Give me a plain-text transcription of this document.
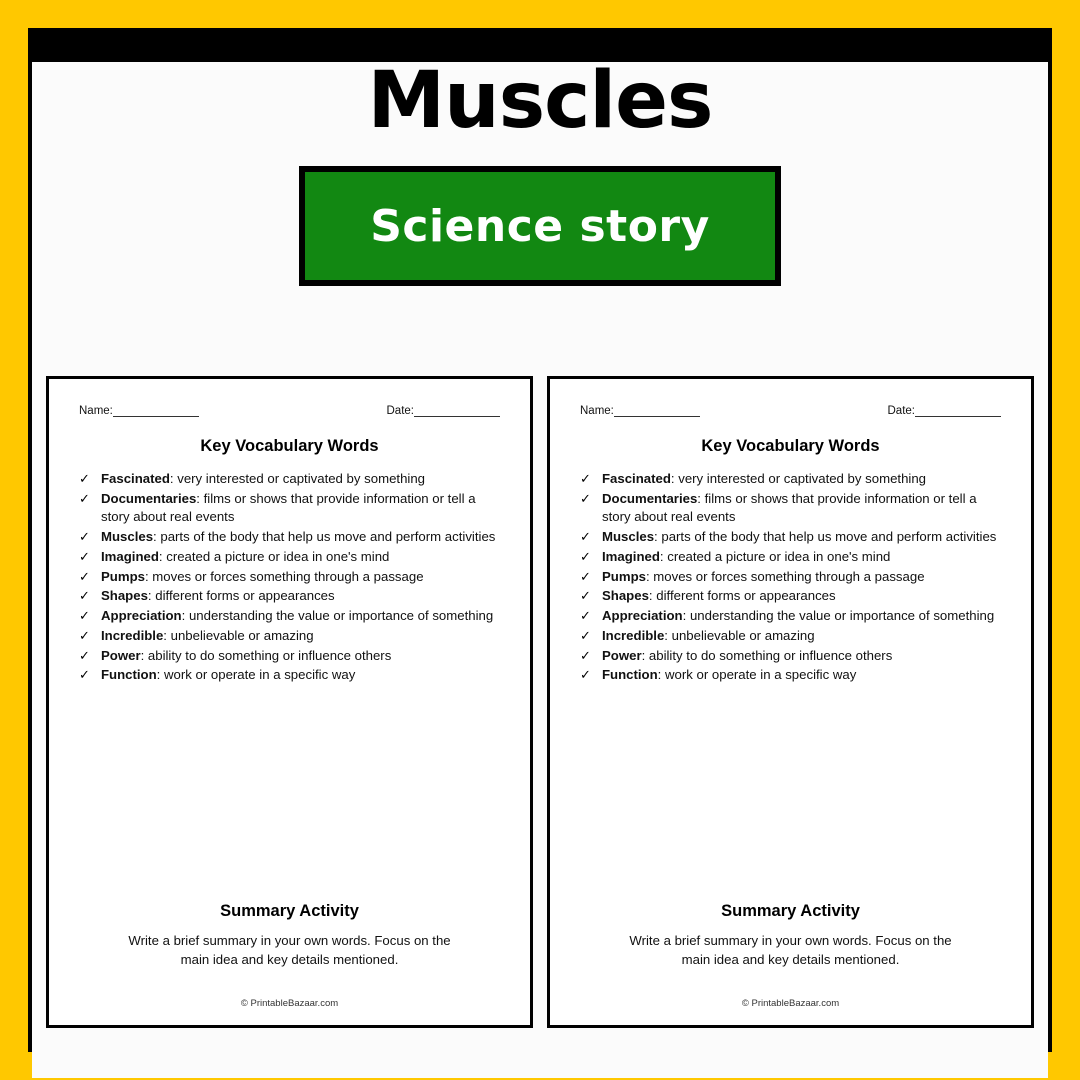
Muscles
Science story
Name:	Date:
Key Vocabulary Words
✓ Fascinated: very interested or captivated by something
✓ Documentaries: films or shows that provide information or tell a story about real events
✓ Muscles: parts of the body that help us move and perform activities
✓ Imagined: created a picture or idea in one's mind
✓ Pumps: moves or forces something through a passage
✓ Shapes: different forms or appearances
✓ Appreciation: understanding the value or importance of something
✓ Incredible: unbelievable or amazing
✓ Power: ability to do something or influence others
✓ Function: work or operate in a specific way
Summary Activity
Write a brief summary in your own words. Focus on the main idea and key details mentioned.
© PrintableBazaar.com
Name:	Date:
Key Vocabulary Words
✓ Fascinated: very interested or captivated by something
✓ Documentaries: films or shows that provide information or tell a story about real events
✓ Muscles: parts of the body that help us move and perform activities
✓ Imagined: created a picture or idea in one's mind
✓ Pumps: moves or forces something through a passage
✓ Shapes: different forms or appearances
✓ Appreciation: understanding the value or importance of something
✓ Incredible: unbelievable or amazing
✓ Power: ability to do something or influence others
✓ Function: work or operate in a specific way
Summary Activity
Write a brief summary in your own words. Focus on the main idea and key details mentioned.
© PrintableBazaar.com
